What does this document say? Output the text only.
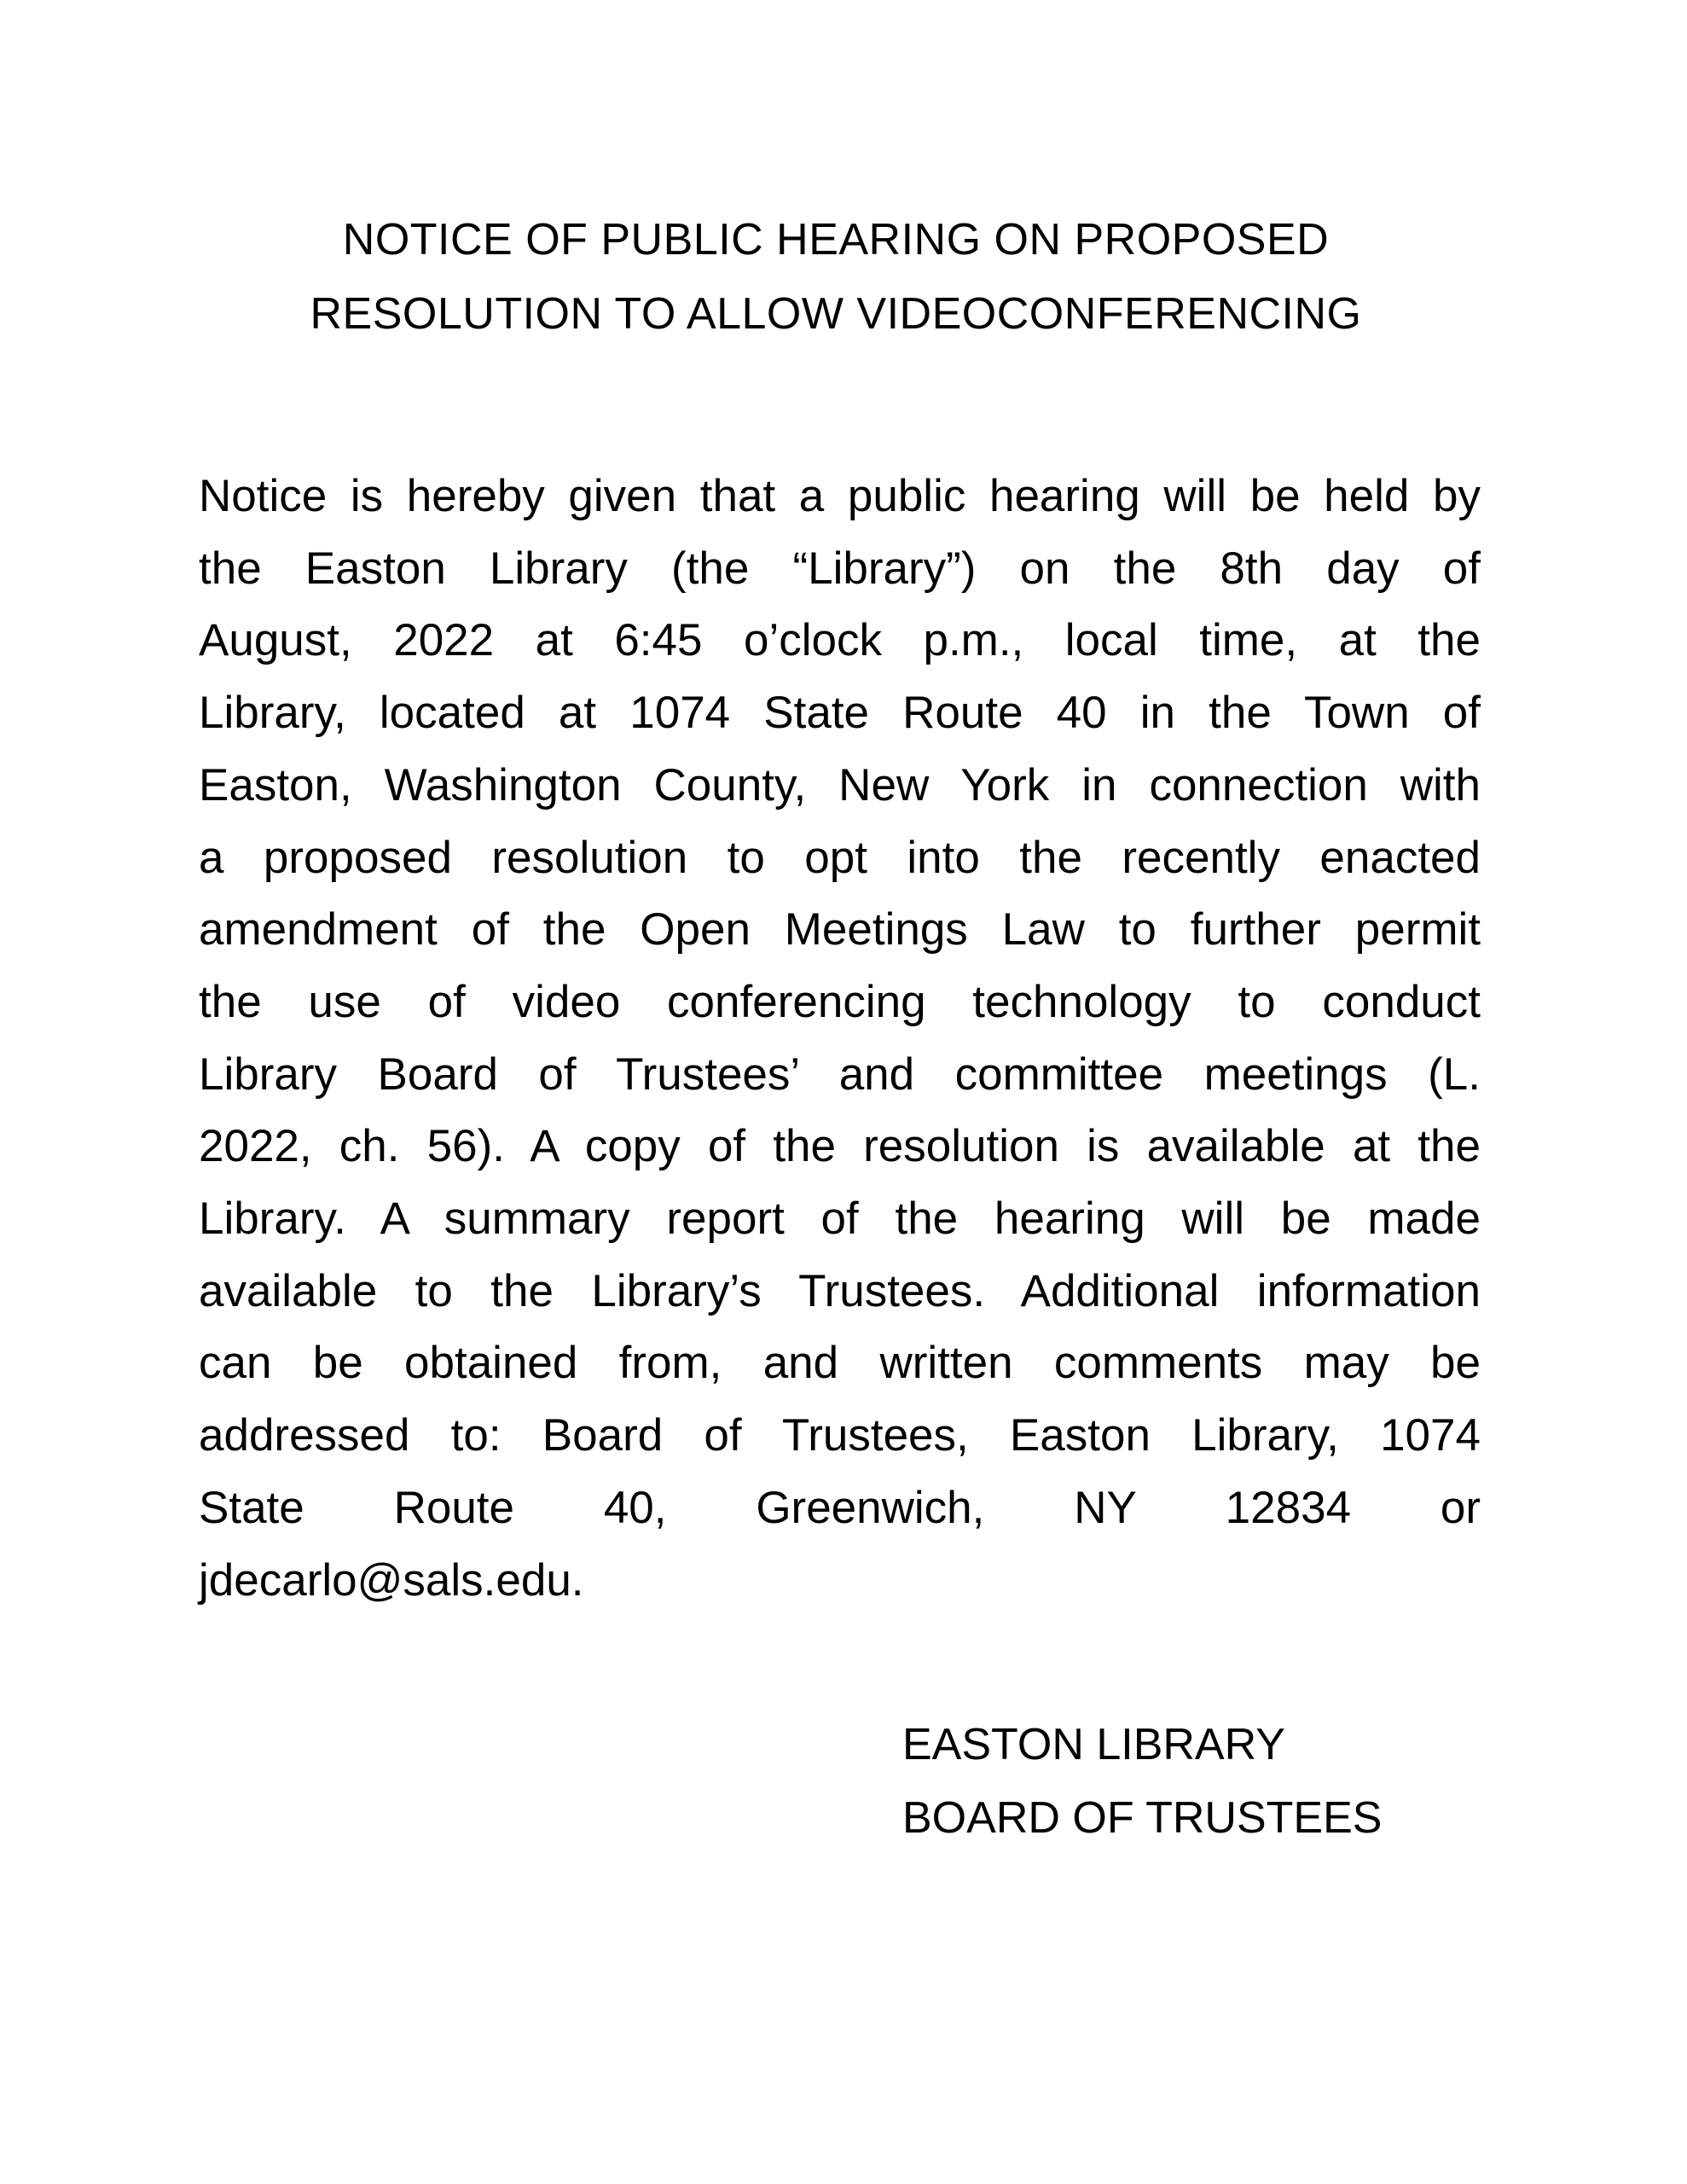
NOTICE OF PUBLIC HEARING ON PROPOSED
RESOLUTION TO ALLOW VIDEOCONFERENCING
Notice is hereby given that a public hearing will be held by
the Easton Library (the “Library”) on the 8th day of
August, 2022 at 6:45 o’clock p.m., local time, at the
Library, located at 1074 State Route 40 in the Town of
Easton, Washington County, New York in connection with
a proposed resolution to opt into the recently enacted
amendment of the Open Meetings Law to further permit
the use of video conferencing technology to conduct
Library Board of Trustees’ and committee meetings (L.
2022, ch. 56). A copy of the resolution is available at the
Library. A summary report of the hearing will be made
available to the Library’s Trustees. Additional information
can be obtained from, and written comments may be
addressed to: Board of Trustees, Easton Library, 1074
State Route 40, Greenwich, NY 12834 or
jdecarlo@sals.edu.
EASTON LIBRARY
BOARD OF TRUSTEES
